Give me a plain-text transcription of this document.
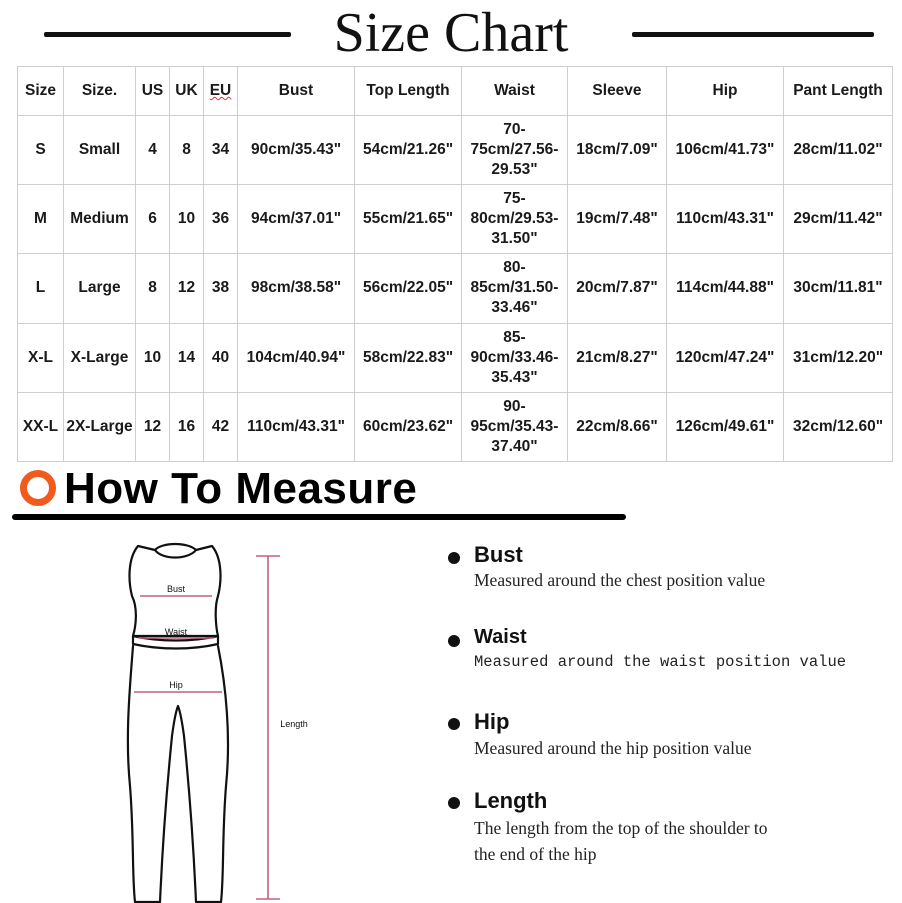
Size Chart
Size	Size.	US	UK	EU	Bust	Top Length	Waist	Sleeve	Hip	Pant Length
S	Small	4	8	34	90cm/35.43"	54cm/21.26"	70-75cm/27.56-29.53"	18cm/7.09"	106cm/41.73"	28cm/11.02"
M	Medium	6	10	36	94cm/37.01"	55cm/21.65"	75-80cm/29.53-31.50"	19cm/7.48"	110cm/43.31"	29cm/11.42"
L	Large	8	12	38	98cm/38.58"	56cm/22.05"	80-85cm/31.50-33.46"	20cm/7.87"	114cm/44.88"	30cm/11.81"
X-L	X-Large	10	14	40	104cm/40.94"	58cm/22.83"	85-90cm/33.46-35.43"	21cm/8.27"	120cm/47.24"	31cm/12.20"
XX-L	2X-Large	12	16	42	110cm/43.31"	60cm/23.62"	90-95cm/35.43-37.40"	22cm/8.66"	126cm/49.61"	32cm/12.60"
How To Measure
Bust
Waist
Hip
Length
Bust
Measured around the chest position value
Waist
Measured around the waist position value
Hip
Measured around the hip position value
Length
The length from the top of the shoulder to
the end of the hip
